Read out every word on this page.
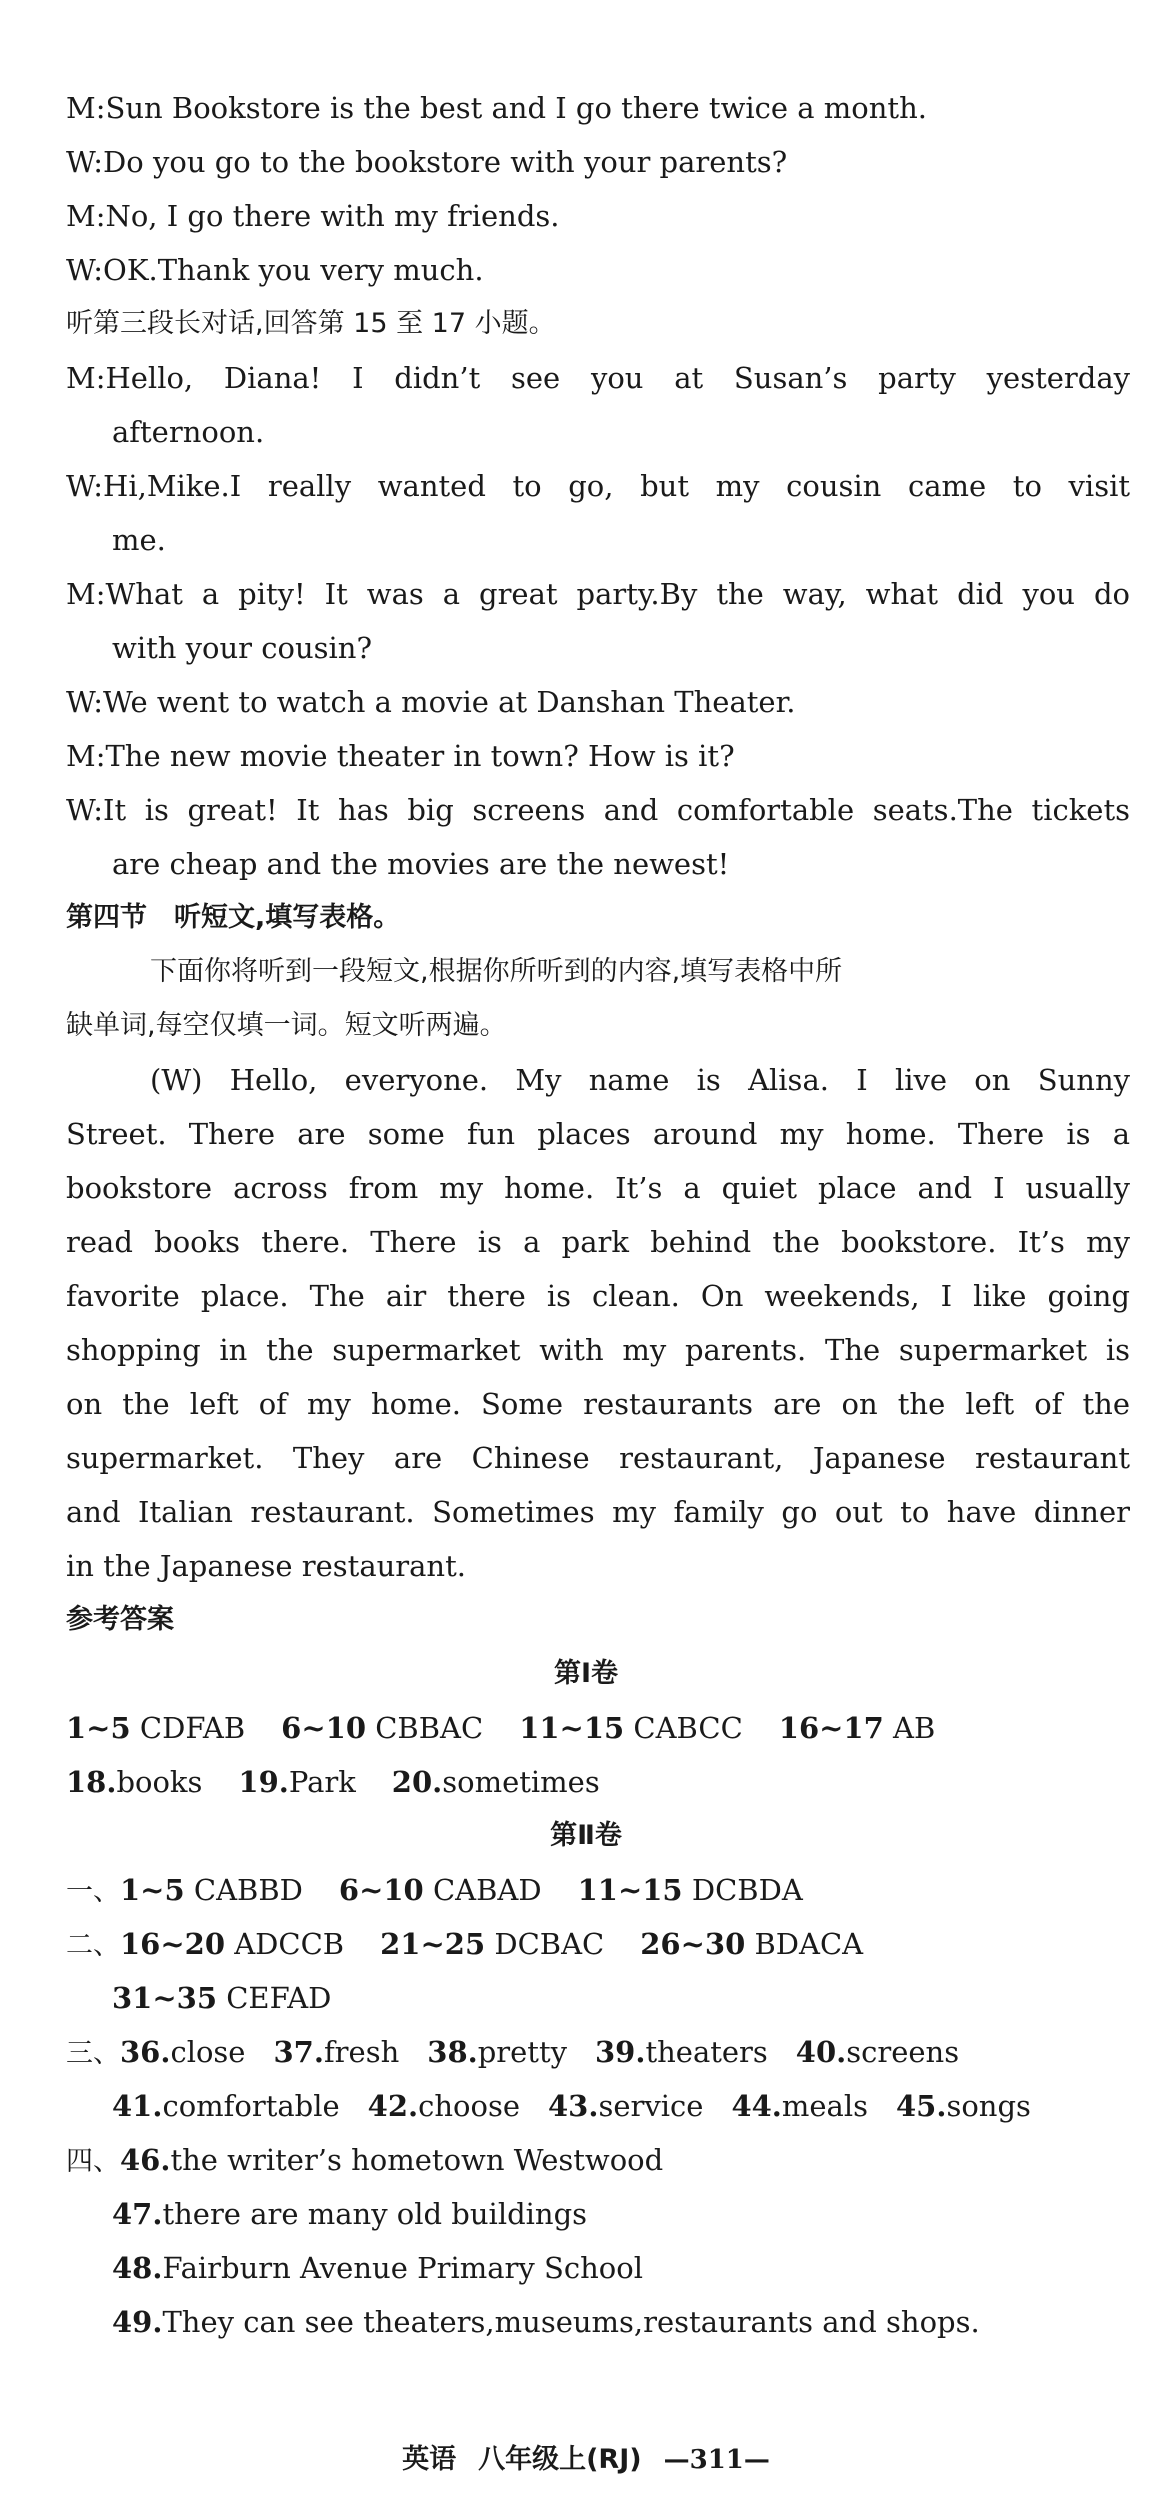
M:Sun Bookstore is the best and I go there twice a month.
W:Do you go to the bookstore with your parents?
M:No, I go there with my friends.
W:OK.Thank you very much.
听第三段长对话,回答第 15 至 17 小题。
M:Hello, Diana! I didn’t see you at Susan’s party yesterday
afternoon.
W:Hi,Mike.I really wanted to go, but my cousin came to visit
me.
M:What a pity! It was a great party.By the way, what did you do
with your cousin?
W:We went to watch a movie at Danshan Theater.
M:The new movie theater in town? How is it?
W:It is great! It has big screens and comfortable seats.The tickets
are cheap and the movies are the newest!
第四节　听短文,填写表格。
下面你将听到一段短文,根据你所听到的内容,填写表格中所
缺单词,每空仅填一词。短文听两遍。
(W) Hello, everyone. My name is Alisa. I live on Sunny
Street. There are some fun places around my home. There is a
bookstore across from my home. It’s a quiet place and I usually
read books there. There is a park behind the bookstore. It’s my
favorite place. The air there is clean. On weekends, I like going
shopping in the supermarket with my parents. The supermarket is
on the left of my home. Some restaurants are on the left of the
supermarket. They are Chinese restaurant, Japanese restaurant
and Italian restaurant. Sometimes my family go out to have dinner
in the Japanese restaurant.
参考答案
第Ⅰ卷
1~5 CDFAB 6~10 CBBAC 11~15 CABCC 16~17 AB
18.books 19.Park 20.sometimes
第Ⅱ卷
一、1~5 CABBD 6~10 CABAD 11~15 DCBDA
二、16~20 ADCCB 21~25 DCBAC 26~30 BDACA
31~35 CEFAD
三、36.close 37.fresh 38.pretty 39.theaters 40.screens
41.comfortable 42.choose 43.service 44.meals 45.songs
四、46.the writer’s hometown Westwood
47.there are many old buildings
48.Fairburn Avenue Primary School
49.They can see theaters,museums,restaurants and shops.
英语 八年级上(RJ) —311—
